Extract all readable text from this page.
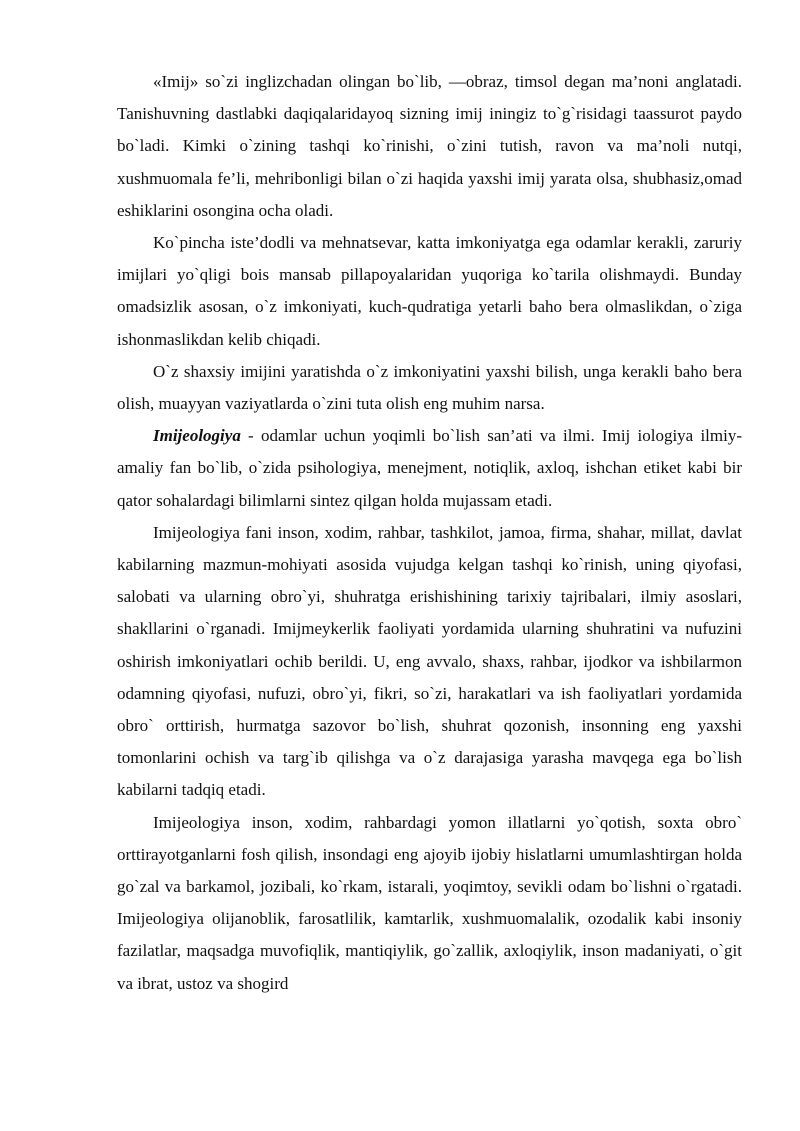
«Imij» so`zi inglizchadan olingan bo`lib, ―obraz, timsol degan ma’noni anglatadi. Tanishuvning dastlabki daqiqalaridayoq sizning imij iningiz to`g`risidagi taassurot paydo bo`ladi. Kimki o`zining tashqi ko`rinishi, o`zini tutish, ravon va ma’noli nutqi, xushmuomala fe’li, mehribonligi bilan o`zi haqida yaxshi imij yarata olsa, shubhasiz,omad eshiklarini osongina ocha oladi.

Ko`pincha iste’dodli va mehnatsevar, katta imkoniyatga ega odamlar kerakli, zaruriy imijlari yo`qligi bois mansab pillapoyalaridan yuqoriga ko`tarila olishmaydi. Bunday omadsizlik asosan, o`z imkoniyati, kuch-qudratiga yetarli baho bera olmaslikdan, o`ziga ishonmaslikdan kelib chiqadi.

O`z shaxsiy imijini yaratishda o`z imkoniyatini yaxshi bilish, unga kerakli baho bera olish, muayyan vaziyatlarda o`zini tuta olish eng muhim narsa.

Imijeologiya - odamlar uchun yoqimli bo`lish san’ati va ilmi. Imij iologiya ilmiy-amaliy fan bo`lib, o`zida psihologiya, menejment, notiqlik, axloq, ishchan etiket kabi bir qator sohalardagi bilimlarni sintez qilgan holda mujassam etadi.

Imijeologiya fani inson, xodim, rahbar, tashkilot, jamoa, firma, shahar, millat, davlat kabilarning mazmun-mohiyati asosida vujudga kelgan tashqi ko`rinish, uning qiyofasi, salobati va ularning obro`yi, shuhratga erishishining tarixiy tajribalari, ilmiy asoslari, shakllarini o`rganadi. Imijmeykerlik faoliyati yordamida ularning shuhratini va nufuzini oshirish imkoniyatlari ochib berildi. U, eng avvalo, shaxs, rahbar, ijodkor va ishbilarmon odamning qiyofasi, nufuzi, obro`yi, fikri, so`zi, harakatlari va ish faoliyatlari yordamida obro` orttirish, hurmatga sazovor bo`lish, shuhrat qozonish, insonning eng yaxshi tomonlarini ochish va targ`ib qilishga va o`z darajasiga yarasha mavqega ega bo`lish kabilarni tadqiq etadi.

Imijeologiya inson, xodim, rahbardagi yomon illatlarni yo`qotish, soxta obro` orttirayotganlarni fosh qilish, insondagi eng ajoyib ijobiy hislatlarni umumlashtirgan holda go`zal va barkamol, jozibali, ko`rkam, istarali, yoqimtoy, sevikli odam bo`lishni o`rgatadi. Imijeologiya olijanoblik, farosatlilik, kamtarlik, xushmuomalalik, ozodalik kabi insoniy fazilatlar, maqsadga muvofiqlik, mantiqiylik, go`zallik, axloqiylik, inson madaniyati, o`git va ibrat, ustoz va shogird
